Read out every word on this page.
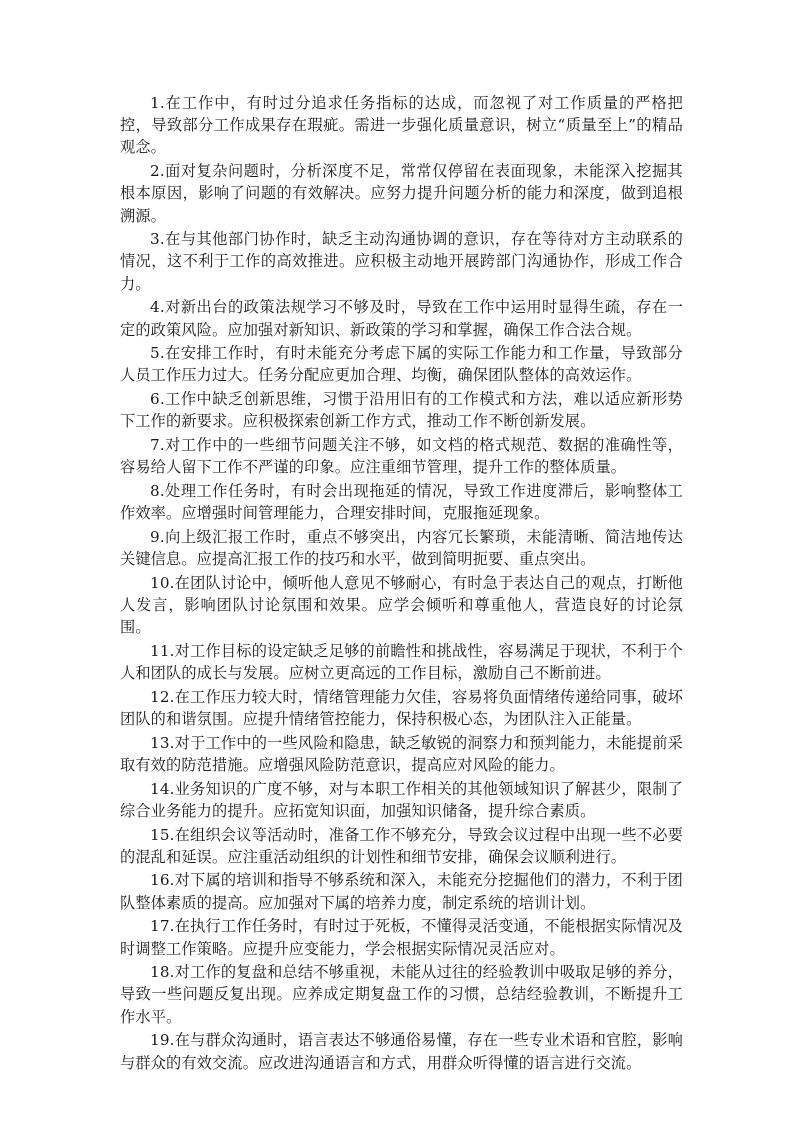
1.在工作中，有时过分追求任务指标的达成，而忽视了对工作质量的严格把控，导致部分工作成果存在瑕疵。需进一步强化质量意识，树立“质量至上”的精品观念。

2.面对复杂问题时，分析深度不足，常常仅停留在表面现象，未能深入挖掘其根本原因，影响了问题的有效解决。应努力提升问题分析的能力和深度，做到追根溯源。

3.在与其他部门协作时，缺乏主动沟通协调的意识，存在等待对方主动联系的情况，这不利于工作的高效推进。应积极主动地开展跨部门沟通协作，形成工作合力。

4.对新出台的政策法规学习不够及时，导致在工作中运用时显得生疏，存在一定的政策风险。应加强对新知识、新政策的学习和掌握，确保工作合法合规。

5.在安排工作时，有时未能充分考虑下属的实际工作能力和工作量，导致部分人员工作压力过大。任务分配应更加合理、均衡，确保团队整体的高效运作。

6.工作中缺乏创新思维，习惯于沿用旧有的工作模式和方法，难以适应新形势下工作的新要求。应积极探索创新工作方式，推动工作不断创新发展。

7.对工作中的一些细节问题关注不够，如文档的格式规范、数据的准确性等，容易给人留下工作不严谨的印象。应注重细节管理，提升工作的整体质量。

8.处理工作任务时，有时会出现拖延的情况，导致工作进度滞后，影响整体工作效率。应增强时间管理能力，合理安排时间，克服拖延现象。

9.向上级汇报工作时，重点不够突出，内容冗长繁琐，未能清晰、简洁地传达关键信息。应提高汇报工作的技巧和水平，做到简明扼要、重点突出。

10.在团队讨论中，倾听他人意见不够耐心，有时急于表达自己的观点，打断他人发言，影响团队讨论氛围和效果。应学会倾听和尊重他人，营造良好的讨论氛围。

11.对工作目标的设定缺乏足够的前瞻性和挑战性，容易满足于现状，不利于个人和团队的成长与发展。应树立更高远的工作目标，激励自己不断前进。

12.在工作压力较大时，情绪管理能力欠佳，容易将负面情绪传递给同事，破坏团队的和谐氛围。应提升情绪管控能力，保持积极心态，为团队注入正能量。

13.对于工作中的一些风险和隐患，缺乏敏锐的洞察力和预判能力，未能提前采取有效的防范措施。应增强风险防范意识，提高应对风险的能力。

14.业务知识的广度不够，对与本职工作相关的其他领域知识了解甚少，限制了综合业务能力的提升。应拓宽知识面，加强知识储备，提升综合素质。

15.在组织会议等活动时，准备工作不够充分，导致会议过程中出现一些不必要的混乱和延误。应注重活动组织的计划性和细节安排，确保会议顺利进行。

16.对下属的培训和指导不够系统和深入，未能充分挖掘他们的潜力，不利于团队整体素质的提高。应加强对下属的培养力度，制定系统的培训计划。

17.在执行工作任务时，有时过于死板，不懂得灵活变通，不能根据实际情况及时调整工作策略。应提升应变能力，学会根据实际情况灵活应对。

18.对工作的复盘和总结不够重视，未能从过往的经验教训中吸取足够的养分，导致一些问题反复出现。应养成定期复盘工作的习惯，总结经验教训，不断提升工作水平。

19.在与群众沟通时，语言表达不够通俗易懂，存在一些专业术语和官腔，影响与群众的有效交流。应改进沟通语言和方式，用群众听得懂的语言进行交流。
